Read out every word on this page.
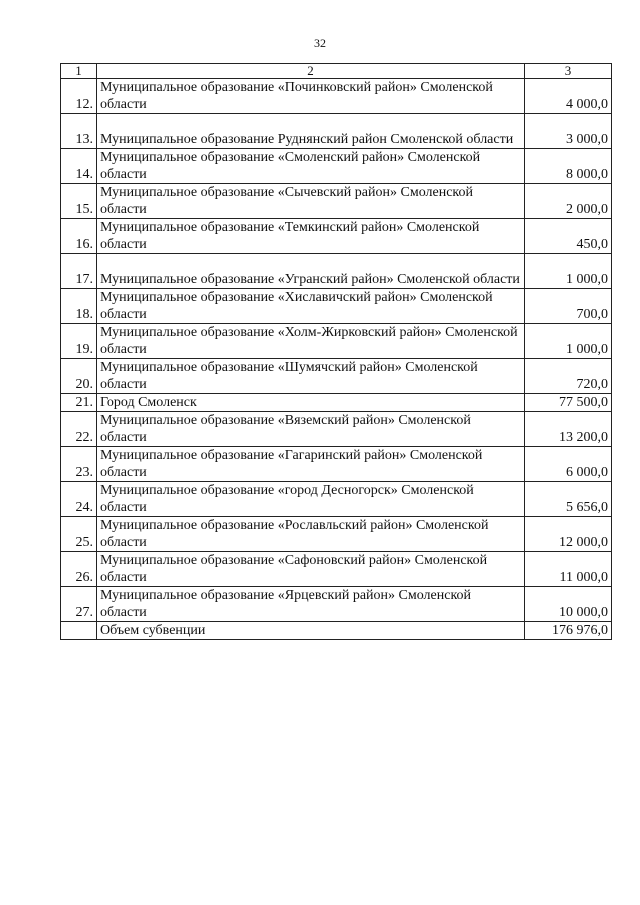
32
1	2	3
12.	Муниципальное образование «Починковский район» Смоленской области	4 000,0
13.	Муниципальное образование Руднянский район Смоленской области	3 000,0
14.	Муниципальное образование «Смоленский район» Смоленской области	8 000,0
15.	Муниципальное образование «Сычевский район» Смоленской области	2 000,0
16.	Муниципальное образование «Темкинский район» Смоленской области	450,0
17.	Муниципальное образование «Угранский район» Смоленской области	1 000,0
18.	Муниципальное образование «Хиславичский район» Смоленской области	700,0
19.	Муниципальное образование «Холм-Жирковский район» Смоленской области	1 000,0
20.	Муниципальное образование «Шумячский район» Смоленской области	720,0
21.	Город Смоленск	77 500,0
22.	Муниципальное образование «Вяземский район» Смоленской области	13 200,0
23.	Муниципальное образование «Гагаринский район» Смоленской области	6 000,0
24.	Муниципальное образование «город Десногорск» Смоленской области	5 656,0
25.	Муниципальное образование «Рославльский район» Смоленской области	12 000,0
26.	Муниципальное образование «Сафоновский район» Смоленской области	11 000,0
27.	Муниципальное образование «Ярцевский район» Смоленской области	10 000,0
	Объем субвенции	176 976,0
